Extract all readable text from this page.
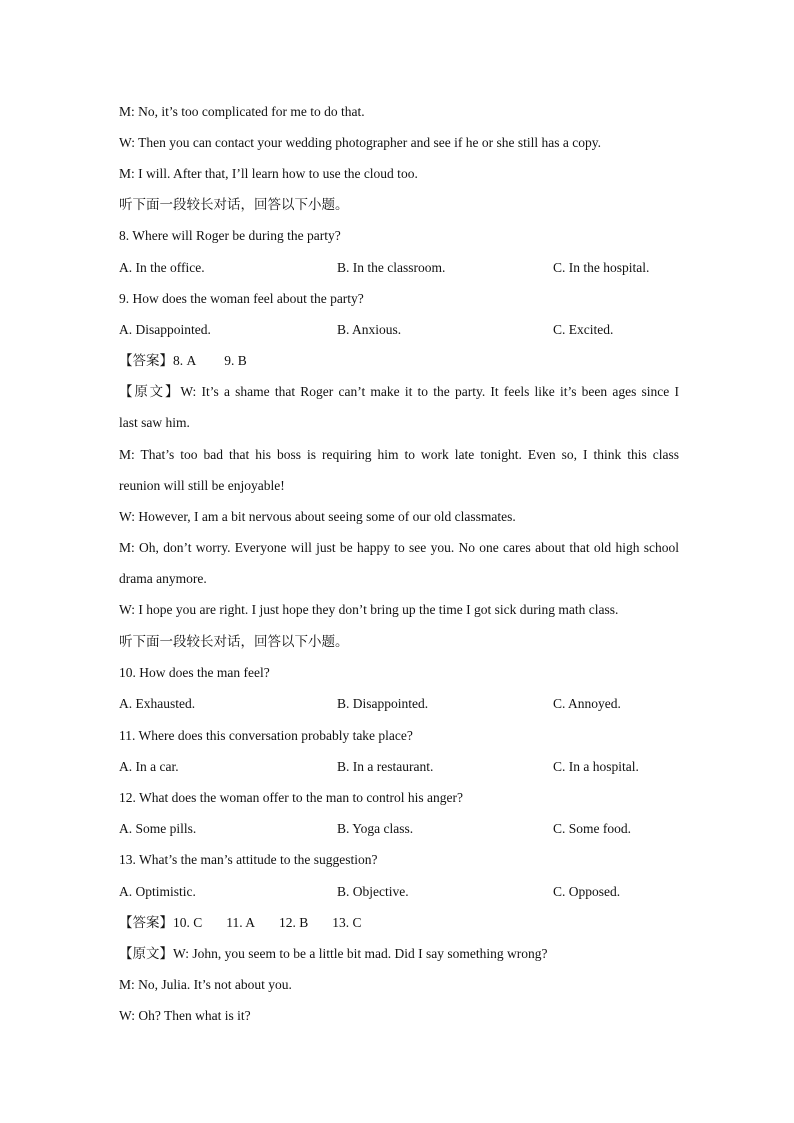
M: No, it’s too complicated for me to do that.
W: Then you can contact your wedding photographer and see if he or she still has a copy.
M: I will. After that, I’ll learn how to use the cloud too.
听下面一段较长对话，回答以下小题。
8. Where will Roger be during the party?
A. In the office.	B. In the classroom.	C. In the hospital.
9. How does the woman feel about the party?
A. Disappointed.	B. Anxious.	C. Excited.
【答案】8. A 9. B
【原文】W: It’s a shame that Roger can’t make it to the party. It feels like it’s been ages since I
last saw him.
M: That’s too bad that his boss is requiring him to work late tonight. Even so, I think this class
reunion will still be enjoyable!
W: However, I am a bit nervous about seeing some of our old classmates.
M: Oh, don’t worry. Everyone will just be happy to see you. No one cares about that old high school
drama anymore.
W: I hope you are right. I just hope they don’t bring up the time I got sick during math class.
听下面一段较长对话，回答以下小题。
10. How does the man feel?
A. Exhausted.	B. Disappointed.	C. Annoyed.
11. Where does this conversation probably take place?
A. In a car.	B. In a restaurant.	C. In a hospital.
12. What does the woman offer to the man to control his anger?
A. Some pills.	B. Yoga class.	C. Some food.
13. What’s the man’s attitude to the suggestion?
A. Optimistic.	B. Objective.	C. Opposed.
【答案】10. C 11. A 12. B 13. C
【原文】W: John, you seem to be a little bit mad. Did I say something wrong?
M: No, Julia. It’s not about you.
W: Oh? Then what is it?
